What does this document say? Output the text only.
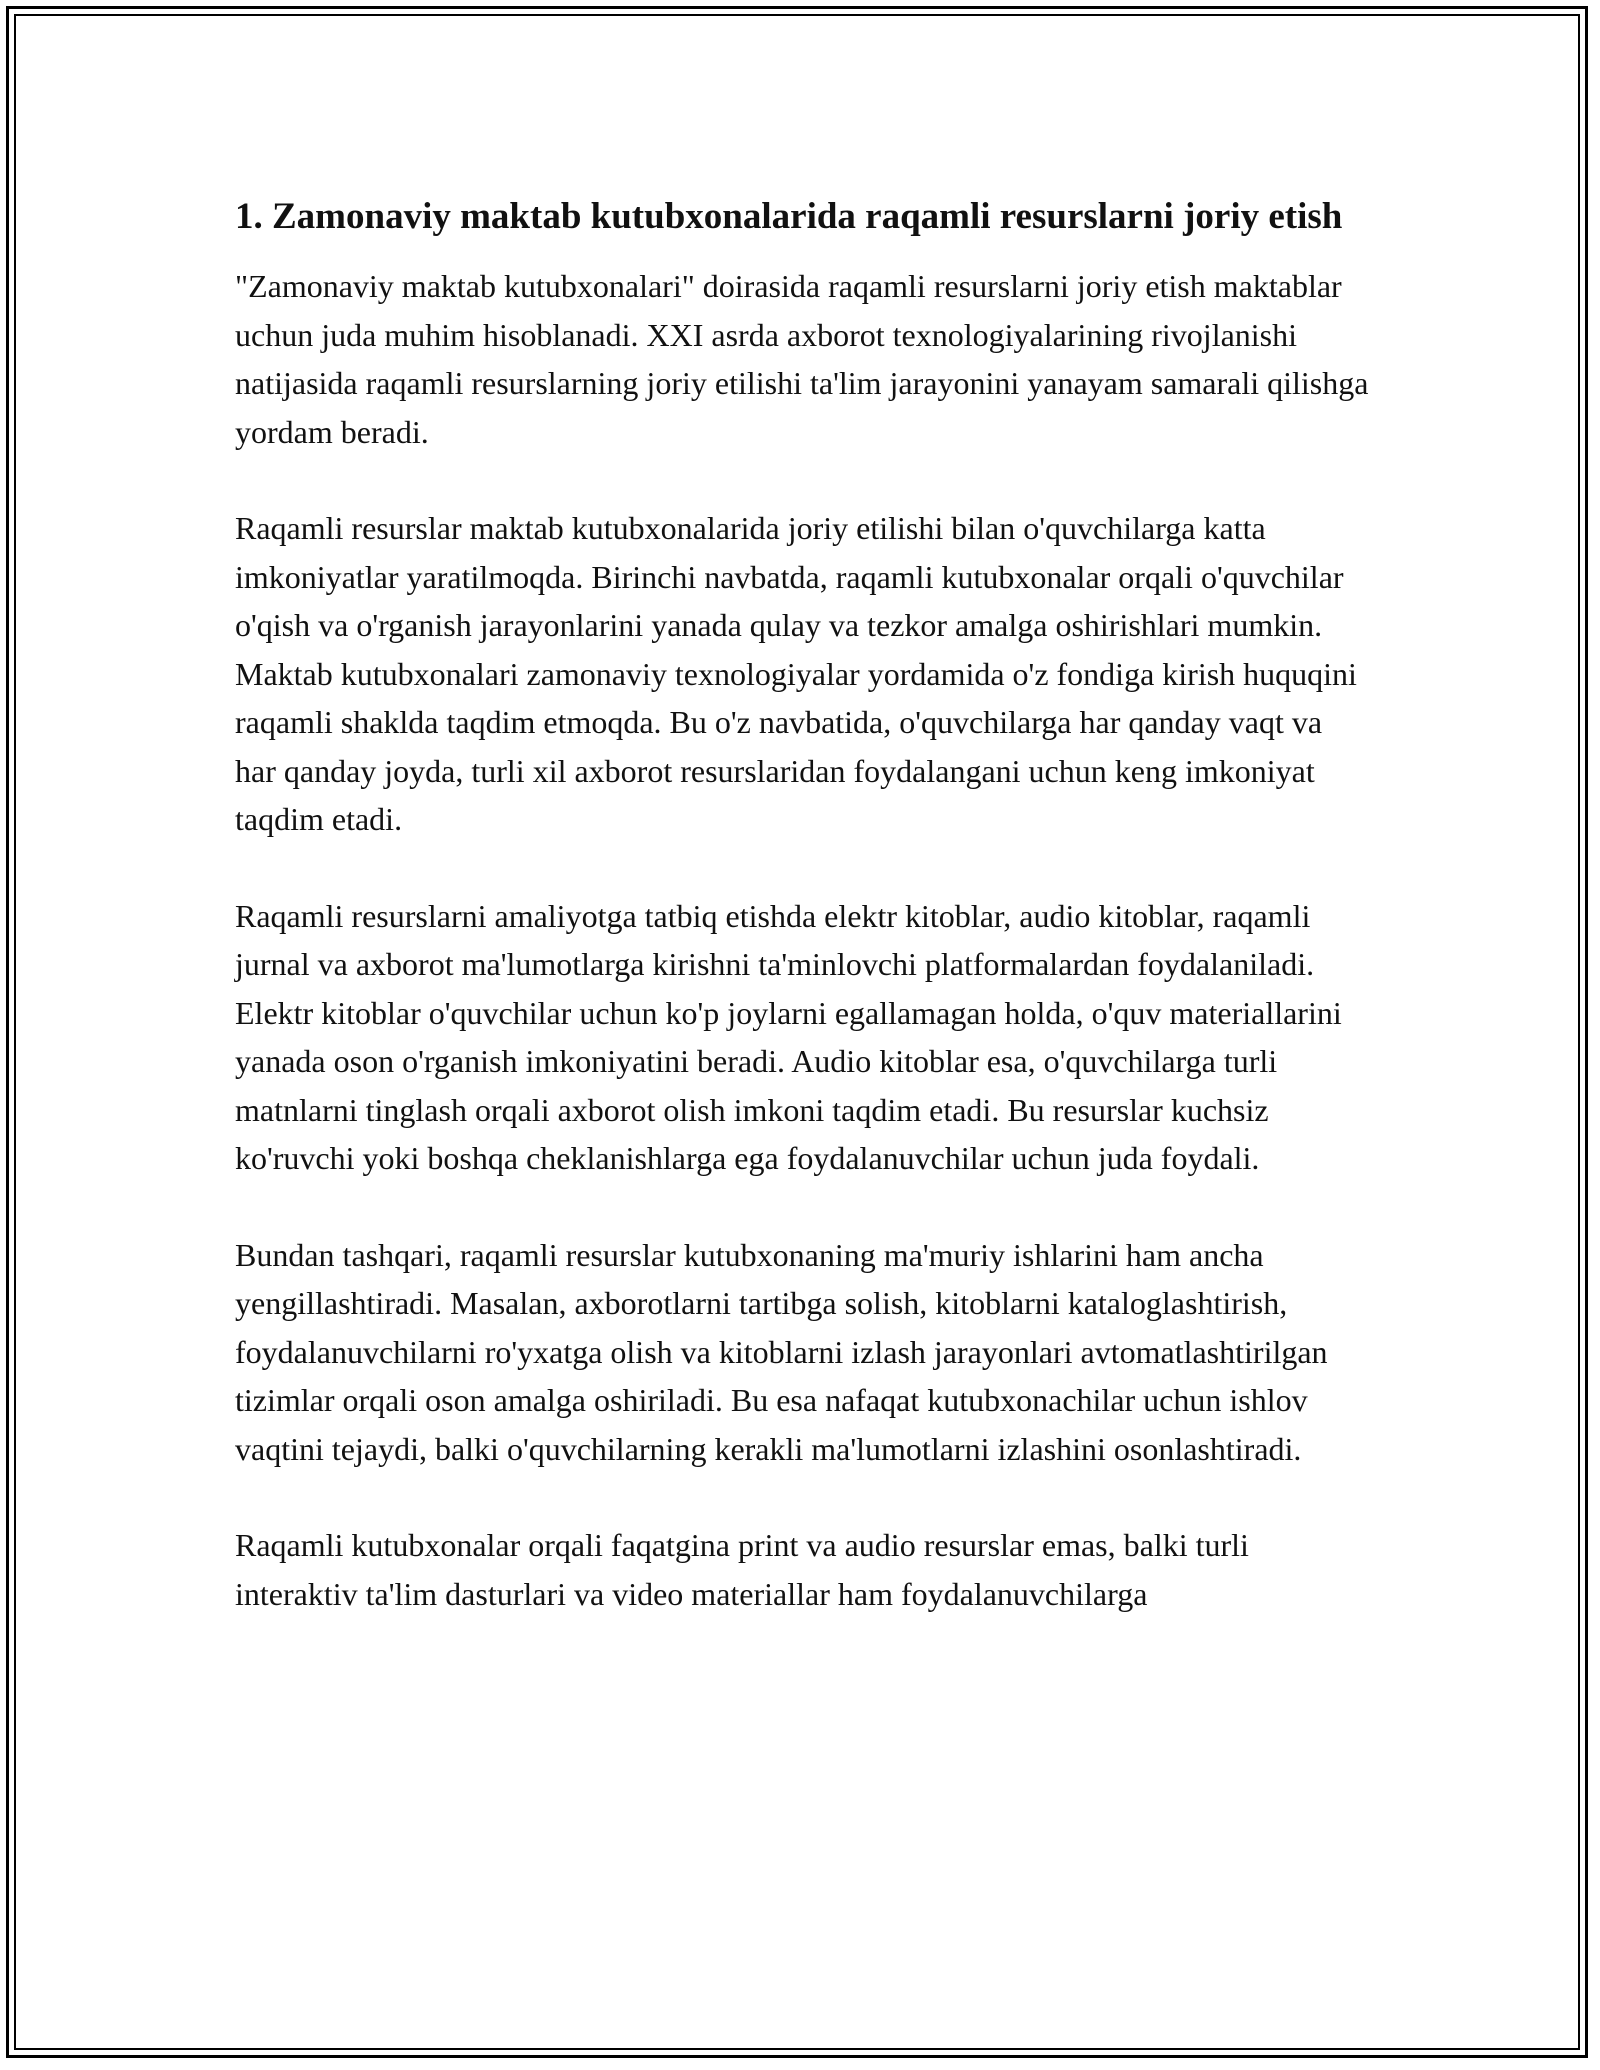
1. Zamonaviy maktab kutubxonalarida raqamli resurslarni joriy etish

"Zamonaviy maktab kutubxonalari" doirasida raqamli resurslarni joriy etish maktablar uchun juda muhim hisoblanadi. XXI asrda axborot texnologiyalarining rivojlanishi natijasida raqamli resurslarning joriy etilishi ta'lim jarayonini yanayam samarali qilishga yordam beradi.

Raqamli resurslar maktab kutubxonalarida joriy etilishi bilan o'quvchilarga katta imkoniyatlar yaratilmoqda. Birinchi navbatda, raqamli kutubxonalar orqali o'quvchilar o'qish va o'rganish jarayonlarini yanada qulay va tezkor amalga oshirishlari mumkin. Maktab kutubxonalari zamonaviy texnologiyalar yordamida o'z fondiga kirish huquqini raqamli shaklda taqdim etmoqda. Bu o'z navbatida, o'quvchilarga har qanday vaqt va har qanday joyda, turli xil axborot resurslaridan foydalangani uchun keng imkoniyat taqdim etadi.

Raqamli resurslarni amaliyotga tatbiq etishda elektr kitoblar, audio kitoblar, raqamli jurnal va axborot ma'lumotlarga kirishni ta'minlovchi platformalardan foydalaniladi. Elektr kitoblar o'quvchilar uchun ko'p joylarni egallamagan holda, o'quv materiallarini yanada oson o'rganish imkoniyatini beradi. Audio kitoblar esa, o'quvchilarga turli matnlarni tinglash orqali axborot olish imkoni taqdim etadi. Bu resurslar kuchsiz ko'ruvchi yoki boshqa cheklanishlarga ega foydalanuvchilar uchun juda foydali.

Bundan tashqari, raqamli resurslar kutubxonaning ma'muriy ishlarini ham ancha yengillashtiradi. Masalan, axborotlarni tartibga solish, kitoblarni kataloglashtirish, foydalanuvchilarni ro'yxatga olish va kitoblarni izlash jarayonlari avtomatlashtirilgan tizimlar orqali oson amalga oshiriladi. Bu esa nafaqat kutubxonachilar uchun ishlov vaqtini tejaydi, balki o'quvchilarning kerakli ma'lumotlarni izlashini osonlashtiradi.

Raqamli kutubxonalar orqali faqatgina print va audio resurslar emas, balki turli interaktiv ta'lim dasturlari va video materiallar ham foydalanuvchilarga
